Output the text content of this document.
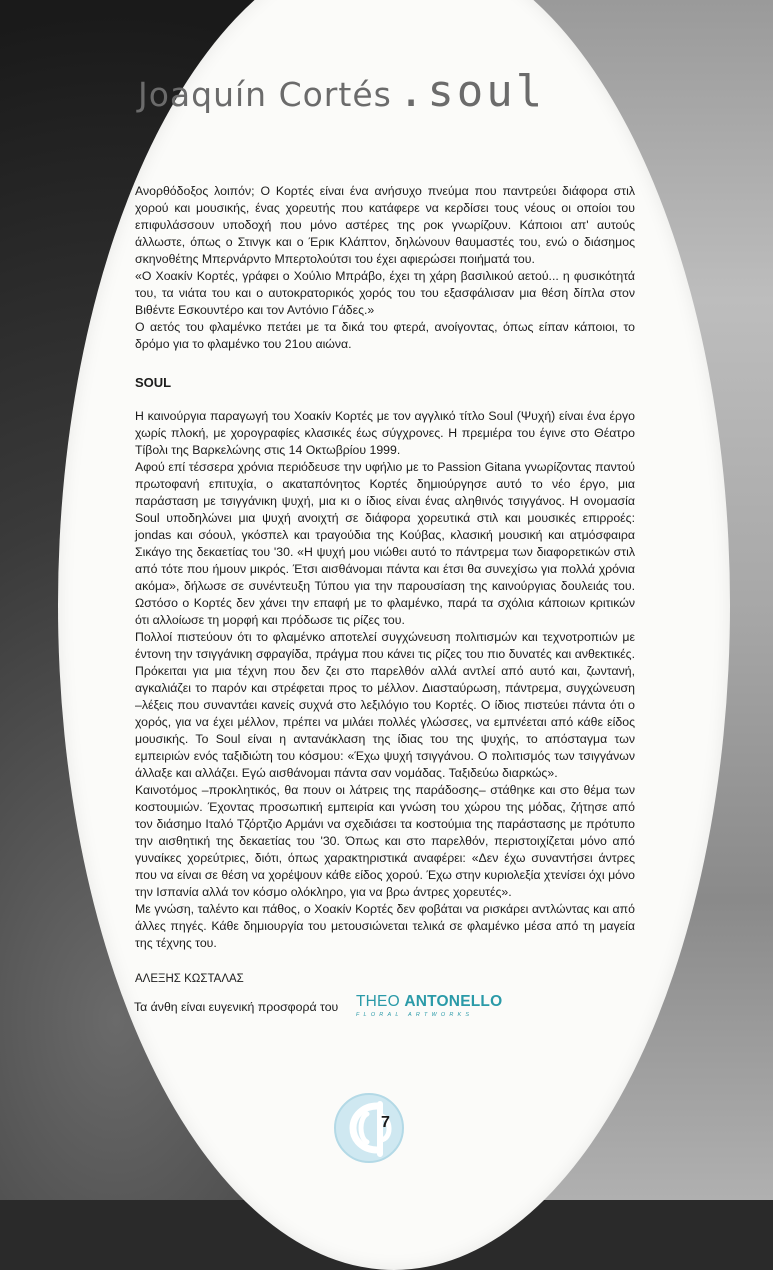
Joaquín Cortés .soul

Ανορθόδοξος λοιπόν; Ο Κορτές είναι ένα ανήσυχο πνεύμα που παντρεύει διάφορα στιλ χορού και μουσικής, ένας χορευτής που κατάφερε να κερδίσει τους νέους οι οποίοι του επιφυλάσσουν υποδοχή που μόνο αστέρες της ροκ γνωρίζουν. Κάποιοι απ' αυτούς άλλωστε, όπως ο Στινγκ και ο Έρικ Κλάπτον, δηλώνουν θαυμαστές του, ενώ ο διάσημος σκηνοθέτης Μπερνάρντο Μπερτολούτσι του έχει αφιερώσει ποιήματά του.

«Ο Χοακίν Κορτές, γράφει ο Χούλιο Μπράβο, έχει τη χάρη βασιλικού αετού... η φυσικότητά του, τα νιάτα του και ο αυτοκρατορικός χορός του του εξασφάλισαν μια θέση δίπλα στον Βιθέντε Εσκουντέρο και τον Αντόνιο Γάδες.»

Ο αετός του φλαμένκο πετάει με τα δικά του φτερά, ανοίγοντας, όπως είπαν κάποιοι, το δρόμο για το φλαμένκο του 21ου αιώνα.

SOUL

Η καινούργια παραγωγή του Χοακίν Κορτές με τον αγγλικό τίτλο Soul (Ψυχή) είναι ένα έργο χωρίς πλοκή, με χορογραφίες κλασικές έως σύγχρονες. Η πρεμιέρα του έγινε στο Θέατρο Τίβολι της Βαρκελώνης στις 14 Οκτωβρίου 1999.

Αφού επί τέσσερα χρόνια περιόδευσε την υφήλιο με το Passion Gitana γνωρίζοντας παντού πρωτοφανή επιτυχία, ο ακαταπόνητος Κορτές δημιούργησε αυτό το νέο έργο, μια παράσταση με τσιγγάνικη ψυχή, μια κι ο ίδιος είναι ένας αληθινός τσιγγάνος. Η ονομασία Soul υποδηλώνει μια ψυχή ανοιχτή σε διάφορα χορευτικά στιλ και μουσικές επιρροές: jondas και σόουλ, γκόσπελ και τραγούδια της Κούβας, κλασική μουσική και ατμόσφαιρα Σικάγο της δεκαετίας του '30. «Η ψυχή μου νιώθει αυτό το πάντρεμα των διαφορετικών στιλ από τότε που ήμουν μικρός. Έτσι αισθάνομαι πάντα και έτσι θα συνεχίσω για πολλά χρόνια ακόμα», δήλωσε σε συνέντευξη Τύπου για την παρουσίαση της καινούργιας δουλειάς του. Ωστόσο ο Κορτές δεν χάνει την επαφή με το φλαμένκο, παρά τα σχόλια κάποιων κριτικών ότι αλλοίωσε τη μορφή και πρόδωσε τις ρίζες του.

Πολλοί πιστεύουν ότι το φλαμένκο αποτελεί συγχώνευση πολιτισμών και τεχνοτροπιών με έντονη την τσιγγάνικη σφραγίδα, πράγμα που κάνει τις ρίζες του πιο δυνατές και ανθεκτικές. Πρόκειται για μια τέχνη που δεν ζει στο παρελθόν αλλά αντλεί από αυτό και, ζωντανή, αγκαλιάζει το παρόν και στρέφεται προς το μέλλον. Διασταύρωση, πάντρεμα, συγχώνευση –λέξεις που συναντάει κανείς συχνά στο λεξιλόγιο του Κορτές. Ο ίδιος πιστεύει πάντα ότι ο χορός, για να έχει μέλλον, πρέπει να μιλάει πολλές γλώσσες, να εμπνέεται από κάθε είδος μουσικής. Το Soul είναι η αντανάκλαση της ίδιας του της ψυχής, το απόσταγμα των εμπειριών ενός ταξιδιώτη του κόσμου: «Έχω ψυχή τσιγγάνου. Ο πολιτισμός των τσιγγάνων άλλαξε και αλλάζει. Εγώ αισθάνομαι πάντα σαν νομάδας. Ταξιδεύω διαρκώς».

Καινοτόμος –προκλητικός, θα πουν οι λάτρεις της παράδοσης– στάθηκε και στο θέμα των κοστουμιών. Έχοντας προσωπική εμπειρία και γνώση του χώρου της μόδας, ζήτησε από τον διάσημο Ιταλό Τζόρτζιο Αρμάνι να σχεδιάσει τα κοστούμια της παράστασης με πρότυπο την αισθητική της δεκαετίας του '30. Όπως και στο παρελθόν, περιστοιχίζεται μόνο από γυναίκες χορεύτριες, διότι, όπως χαρακτηριστικά αναφέρει: «Δεν έχω συναντήσει άντρες που να είναι σε θέση να χορέψουν κάθε είδος χορού. Έχω στην κυριολεξία χτενίσει όχι μόνο την Ισπανία αλλά τον κόσμο ολόκληρο, για να βρω άντρες χορευτές».

Με γνώση, ταλέντο και πάθος, ο Χοακίν Κορτές δεν φοβάται να ρισκάρει αντλώντας και από άλλες πηγές. Κάθε δημιουργία του μετουσιώνεται τελικά σε φλαμένκο μέσα από τη μαγεία της τέχνης του.

ΑΛΕΞΗΣ ΚΩΣΤΑΛΑΣ

Τα άνθη είναι ευγενική προσφορά του THEO ANTONELLO
FLORAL ARTWORKS
7
